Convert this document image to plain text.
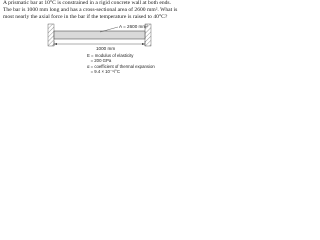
A prismatic bar at 10°C is constrained in a rigid concrete wall at both ends.
The bar is 1000 mm long and has a cross-sectional area of 2600 mm². What is
most nearly the axial force in the bar if the temperature is raised to 40°C?
A = 2600 mm²
1000 mm
E = modulus of elasticity
= 200 GPa
α = coefficient of thermal expansion
= 9.4 × 10⁻⁶/°C
